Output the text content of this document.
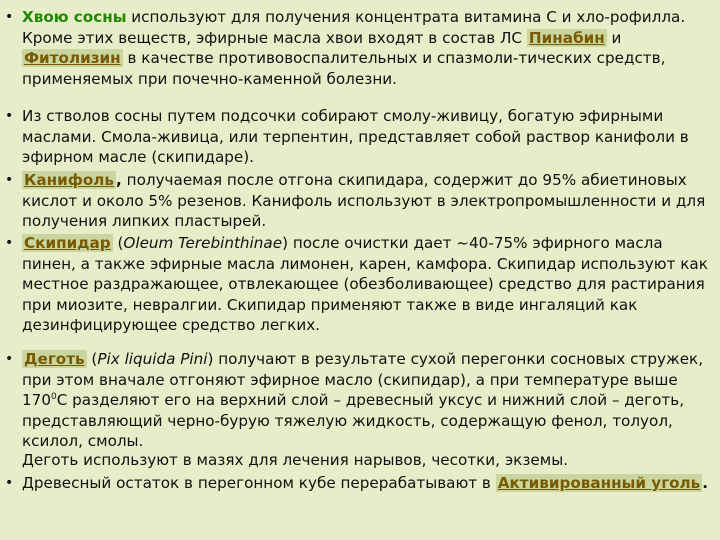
• Хвою сосны используют для получения концентрата витамина С и хло-рофилла. Кроме этих веществ, эфирные масла хвои входят в состав ЛС Пинабин и Фитолизин в качестве противовоспалительных и спазмоли-тических средств, применяемых при почечно-каменной болезни.
• Из стволов сосны путем подсочки собирают смолу-живицу, богатую эфирными маслами. Смола-живица, или терпентин, представляет собой раствор канифоли в эфирном масле (скипидаре).
• Канифоль , получаемая после отгона скипидара, содержит до 95% абиетиновых кислот и около 5% резенов. Канифоль используют в электропромышленности и для получения липких пластырей.
• Скипидар (Oleum Terebinthinae) после очистки дает ~40-75% эфирного масла пинен, а также эфирные масла лимонен, карен, камфора. Скипидар используют как местное раздражающее, отвлекающее (обезболивающее) средство для растирания при миозите, невралгии. Скипидар применяют также в виде ингаляций как дезинфицирующее средство легких.
• Деготь (Pix liquida Pini) получают в результате сухой перегонки сосновых стружек, при этом вначале отгоняют эфирное масло (скипидар), а при температуре выше $170^0С$ разделяют его на верхний слой – древесный уксус и нижний слой – деготь, представляющий черно-бурую тяжелую жидкость, содержащую фенол, толуол, ксилол, смолы.
Деготь используют в мазях для лечения нарывов, чесотки, экземы.
• Древесный остаток в перегонном кубе перерабатывают в Активированный уголь .
